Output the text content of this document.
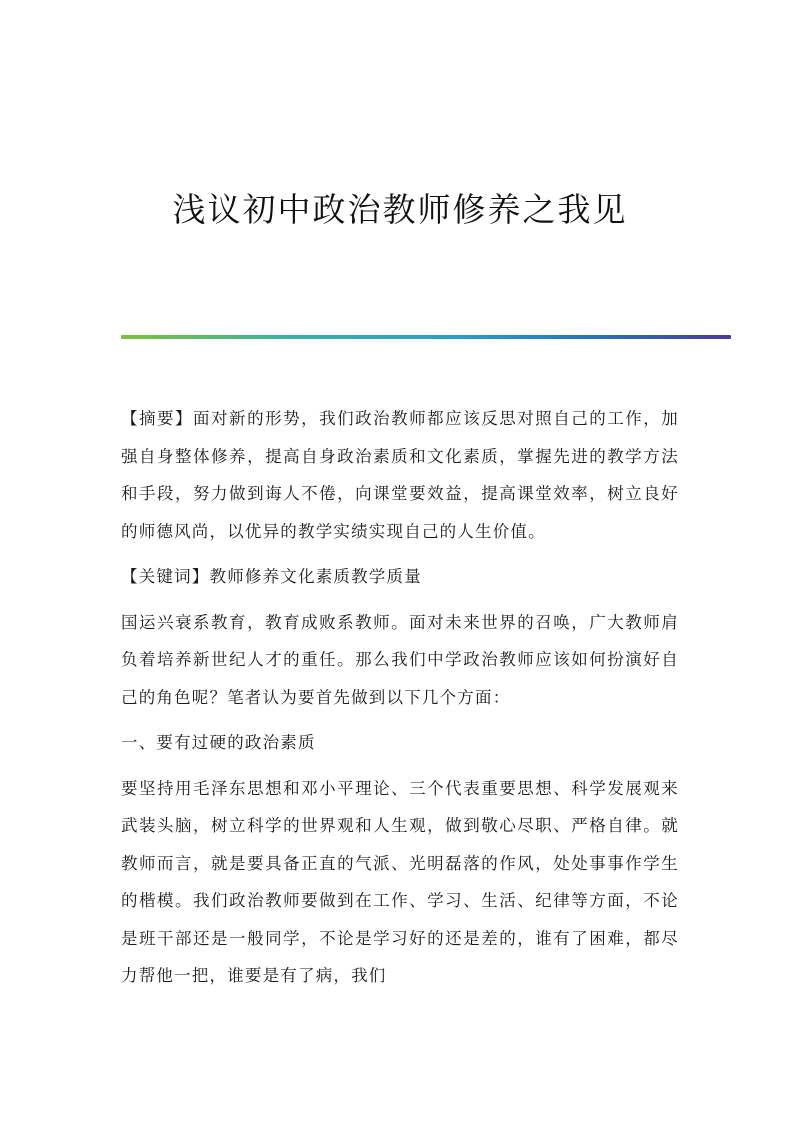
浅议初中政治教师修养之我见

【摘要】面对新的形势，我们政治教师都应该反思对照自己的工作，加强自身整体修养，提高自身政治素质和文化素质，掌握先进的教学方法和手段，努力做到诲人不倦，向课堂要效益，提高课堂效率，树立良好的师德风尚，以优异的教学实绩实现自己的人生价值。

【关键词】教师修养文化素质教学质量

国运兴衰系教育，教育成败系教师。面对未来世界的召唤，广大教师肩负着培养新世纪人才的重任。那么我们中学政治教师应该如何扮演好自己的角色呢？笔者认为要首先做到以下几个方面：

一、要有过硬的政治素质

要坚持用毛泽东思想和邓小平理论、三个代表重要思想、科学发展观来武装头脑，树立科学的世界观和人生观，做到敬心尽职、严格自律。就教师而言，就是要具备正直的气派、光明磊落的作风，处处事事作学生的楷模。我们政治教师要做到在工作、学习、生活、纪律等方面，不论是班干部还是一般同学，不论是学习好的还是差的，谁有了困难，都尽力帮他一把，谁要是有了病，我们
